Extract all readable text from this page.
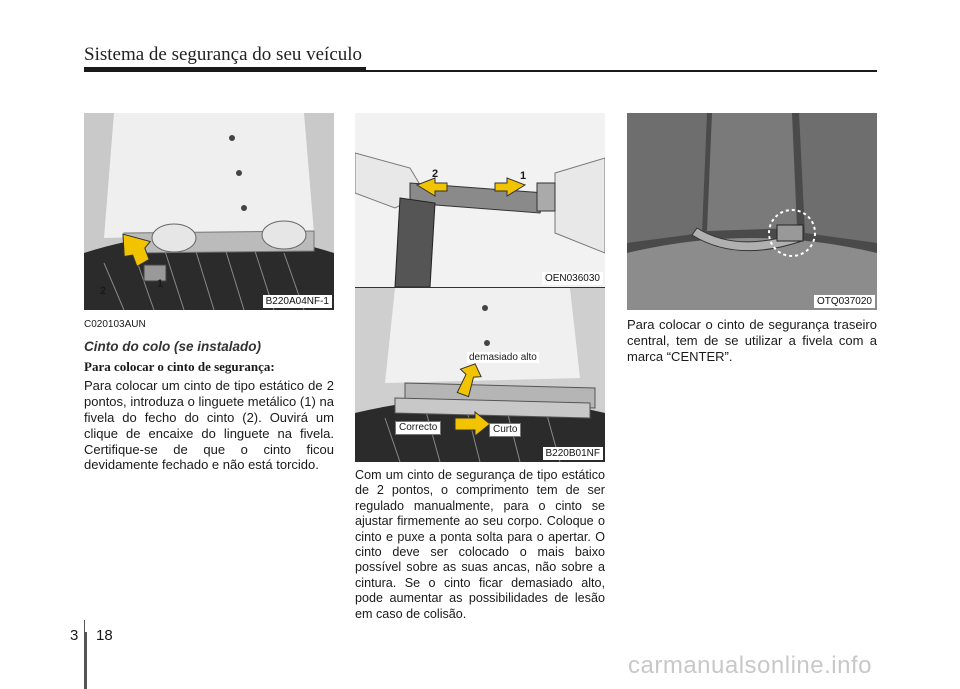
Sistema de segurança do seu veículo
1
2
B220A04NF-1
2	1
OEN036030
demasiado alto
Correcto	Curto
B220B01NF
OTQ037020

C020103AUN

Cinto do colo (se instalado)

Para colocar o cinto de segurança:

Para colocar um cinto de tipo estático de 2 pontos, introduza o linguete metálico (1) na fivela do fecho do cinto (2). Ouvirá um clique de encaixe do linguete na fivela. Certifique-se de que o cinto ficou devidamente fechado e não está torcido.

Com um cinto de segurança de tipo estático de 2 pontos, o comprimento tem de ser regulado manualmente, para o cinto se ajustar firmemente ao seu corpo. Coloque o cinto e puxe a ponta solta para o apertar. O cinto deve ser colocado o mais baixo possível sobre as suas ancas, não sobre a cintura. Se o cinto ficar demasiado alto, pode aumentar as possibilidades de lesão em caso de colisão.

Para colocar o cinto de segurança traseiro central, tem de se utilizar a fivela com a marca “CENTER”.

3 18
carmanualsonline.info
